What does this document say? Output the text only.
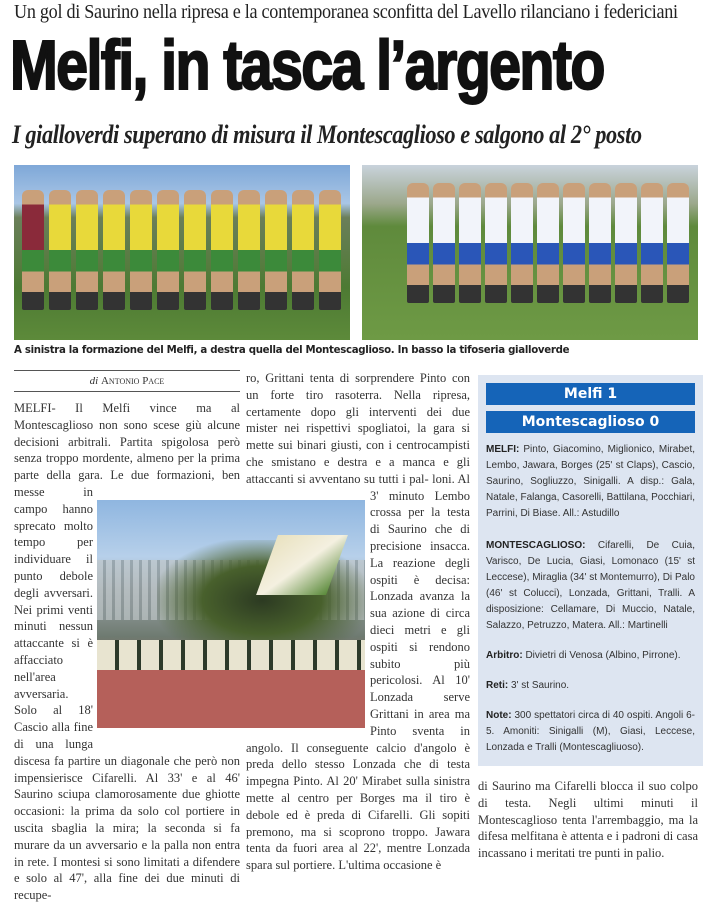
Un gol di Saurino nella ripresa e la contemporanea sconfitta del Lavello rilanciano i federiciani
Melfi, in tasca l’argento
I gialloverdi superano di misura il Montescaglioso e salgono al 2° posto
A sinistra la formazione del Melfi, a destra quella del Montescaglioso. In basso la tifoseria gialloverde
di Antonio Pace

MELFI- Il Melfi vince ma al Montescaglioso non sono scese giù alcune decisioni arbitrali. Partita spigolosa però senza troppo mordente, almeno per la prima parte della gara. Le due formazioni, ben messe in campo hanno sprecato molto tempo per individuare il punto debole degli avversari. Nei primi venti minuti nessun attaccante si è affacciato nell'area avversaria. Solo al 18' Cascio alla fine di una lunga discesa fa partire un diagonale che però non impensierisce Cifarelli. Al 33' e al 46' Saurino sciupa clamorosamente due ghiotte occasioni: la prima da solo col portiere in uscita sbaglia la mira; la seconda si fa murare da un avversario e la palla non entra in rete. I montesi si sono limitati a difendere e solo al 47', alla fine dei due minuti di recupe-

ro, Grittani tenta di sorprendere Pinto con un forte tiro rasoterra. Nella ripresa, certamente dopo gli interventi dei due mister nei rispettivi spogliatoi, la gara si mette sui binari giusti, con i centrocampisti che smistano e destra e a manca e gli attaccanti si avventano su tutti i pal- loni. Al 3' minuto Lembo crossa per la testa di Saurino che di precisione insacca. La reazione degli ospiti è decisa: Lonzada avanza la sua azione di circa dieci metri e gli ospiti si rendono subito più pericolosi. Al 10' Lonzada serve Grittani in area ma Pinto sventa in angolo. Il conseguente calcio d'angolo è preda dello stesso Lonzada che di testa impegna Pinto. Al 20' Mirabet sulla sinistra mette al centro per Borges ma il tiro è debole ed è preda di Cifarelli. Gli sopiti premono, ma si scoprono troppo. Jawara tenta da fuori area al 22', mentre Lonzada spara sul portiere. L'ultima occasione è

Melfi 1
Montescaglioso 0
MELFI: Pinto, Giacomino, Miglionico, Mirabet, Lembo, Jawara, Borges (25' st Claps), Cascio, Saurino, Sogliuzzo, Sinigalli. A disp.: Gala, Natale, Falanga, Casorelli, Battilana, Pocchiari, Parrini, Di Biase. All.: Astudillo
MONTESCAGLIOSO: Cifarelli, De Cuia, Varisco, De Lucia, Giasi, Lomonaco (15' st Leccese), Miraglia (34' st Montemurro), Di Palo (46' st Colucci), Lonzada, Grittani, Tralli. A disposizione: Cellamare, Di Muccio, Natale, Salazzo, Petruzzo, Matera. All.: Martinelli
Arbitro: Divietri di Venosa (Albino, Pirrone).
Reti: 3' st Saurino.
Note: 300 spettatori circa di 40 ospiti. Angoli 6-5. Amoniti: Sinigalli (M), Giasi, Leccese, Lonzada e Tralli (Montescagliuoso).

di Saurino ma Cifarelli blocca il suo colpo di testa. Negli ultimi minuti il Montescaglioso tenta l'arrembaggio, ma la difesa melfitana è attenta e i padroni di casa incassano i meritati tre punti in palio.
